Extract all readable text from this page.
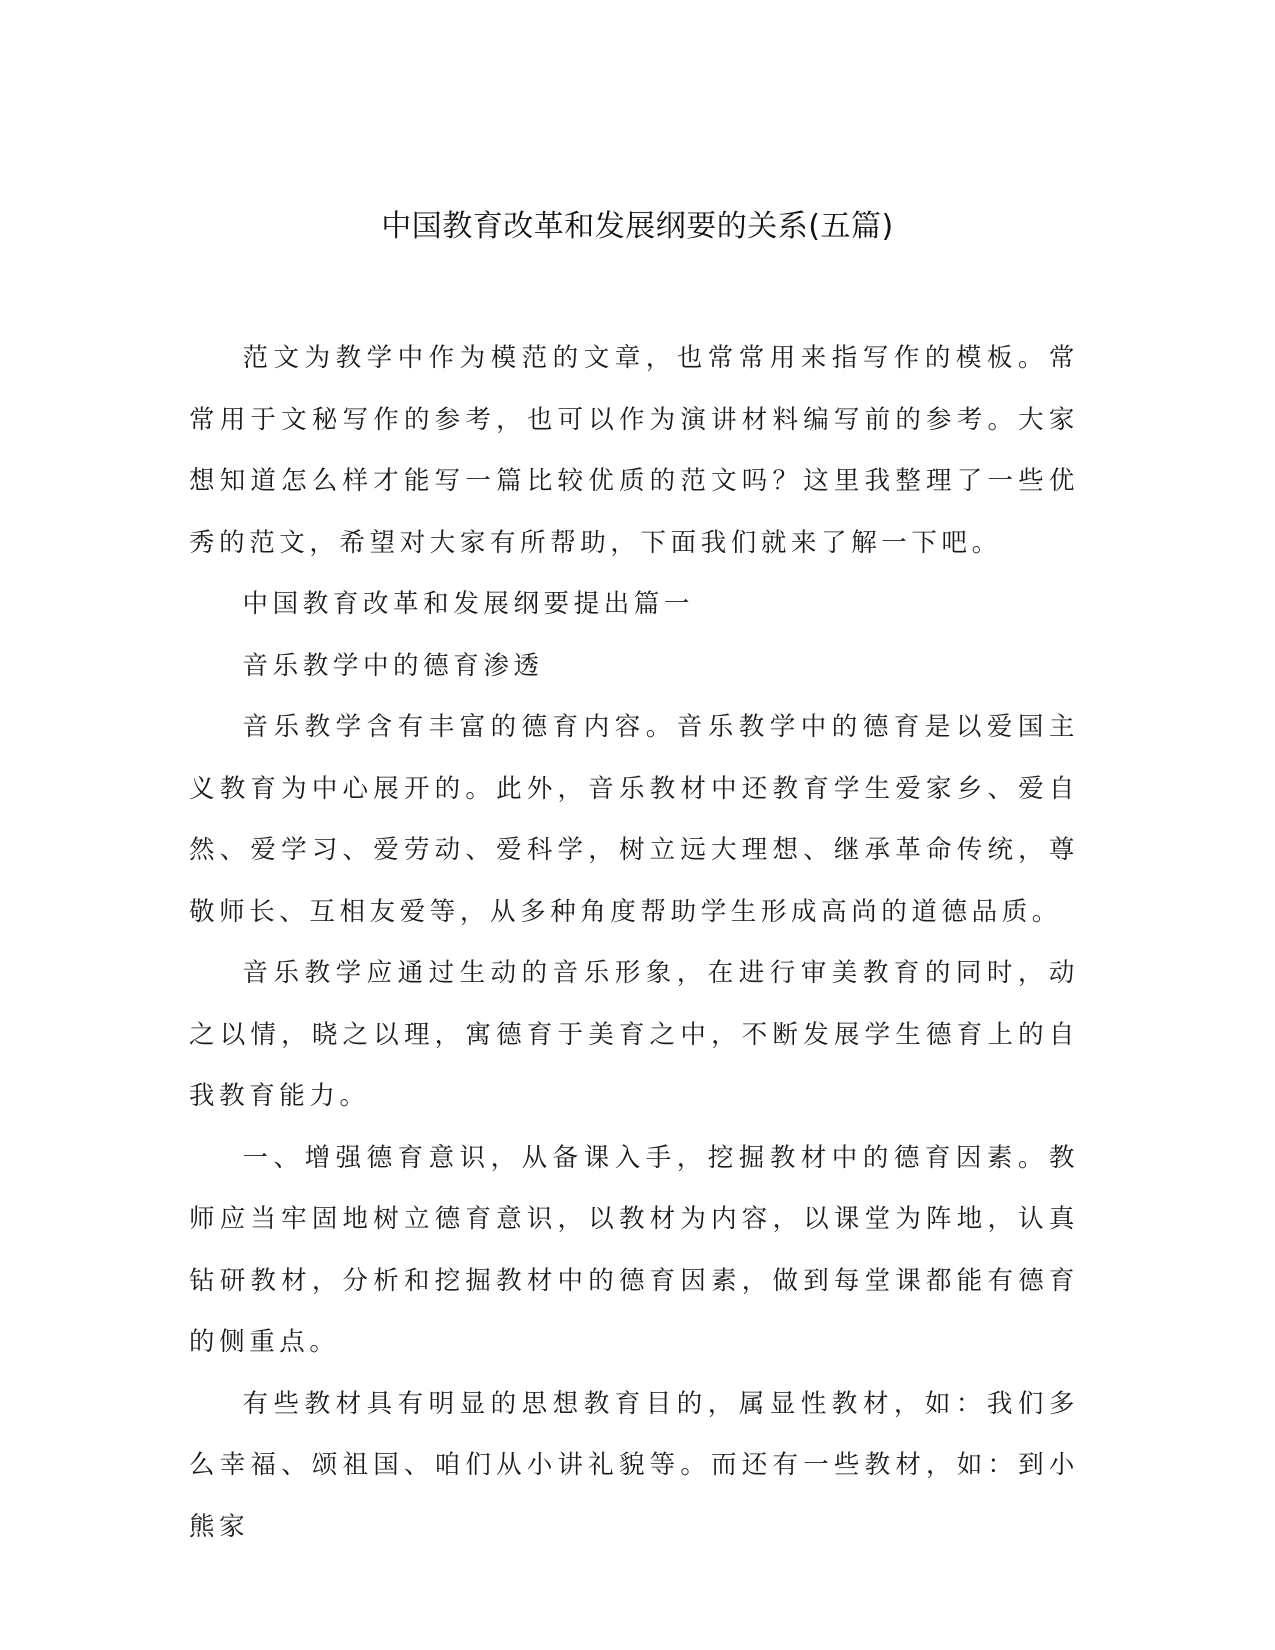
中国教育改革和发展纲要的关系(五篇)

范文为教学中作为模范的文章，也常常用来指写作的模板。常常用于文秘写作的参考，也可以作为演讲材料编写前的参考。大家想知道怎么样才能写一篇比较优质的范文吗？这里我整理了一些优秀的范文，希望对大家有所帮助，下面我们就来了解一下吧。

中国教育改革和发展纲要提出篇一

音乐教学中的德育渗透

音乐教学含有丰富的德育内容。音乐教学中的德育是以爱国主义教育为中心展开的。此外，音乐教材中还教育学生爱家乡、爱自然、爱学习、爱劳动、爱科学，树立远大理想、继承革命传统，尊敬师长、互相友爱等，从多种角度帮助学生形成高尚的道德品质。

音乐教学应通过生动的音乐形象，在进行审美教育的同时，动之以情，晓之以理，寓德育于美育之中，不断发展学生德育上的自我教育能力。

一、增强德育意识，从备课入手，挖掘教材中的德育因素。教师应当牢固地树立德育意识，以教材为内容，以课堂为阵地，认真钻研教材，分析和挖掘教材中的德育因素，做到每堂课都能有德育的侧重点。

有些教材具有明显的思想教育目的，属显性教材，如：我们多么幸福、颂祖国、咱们从小讲礼貌等。而还有一些教材，如：到小熊家
